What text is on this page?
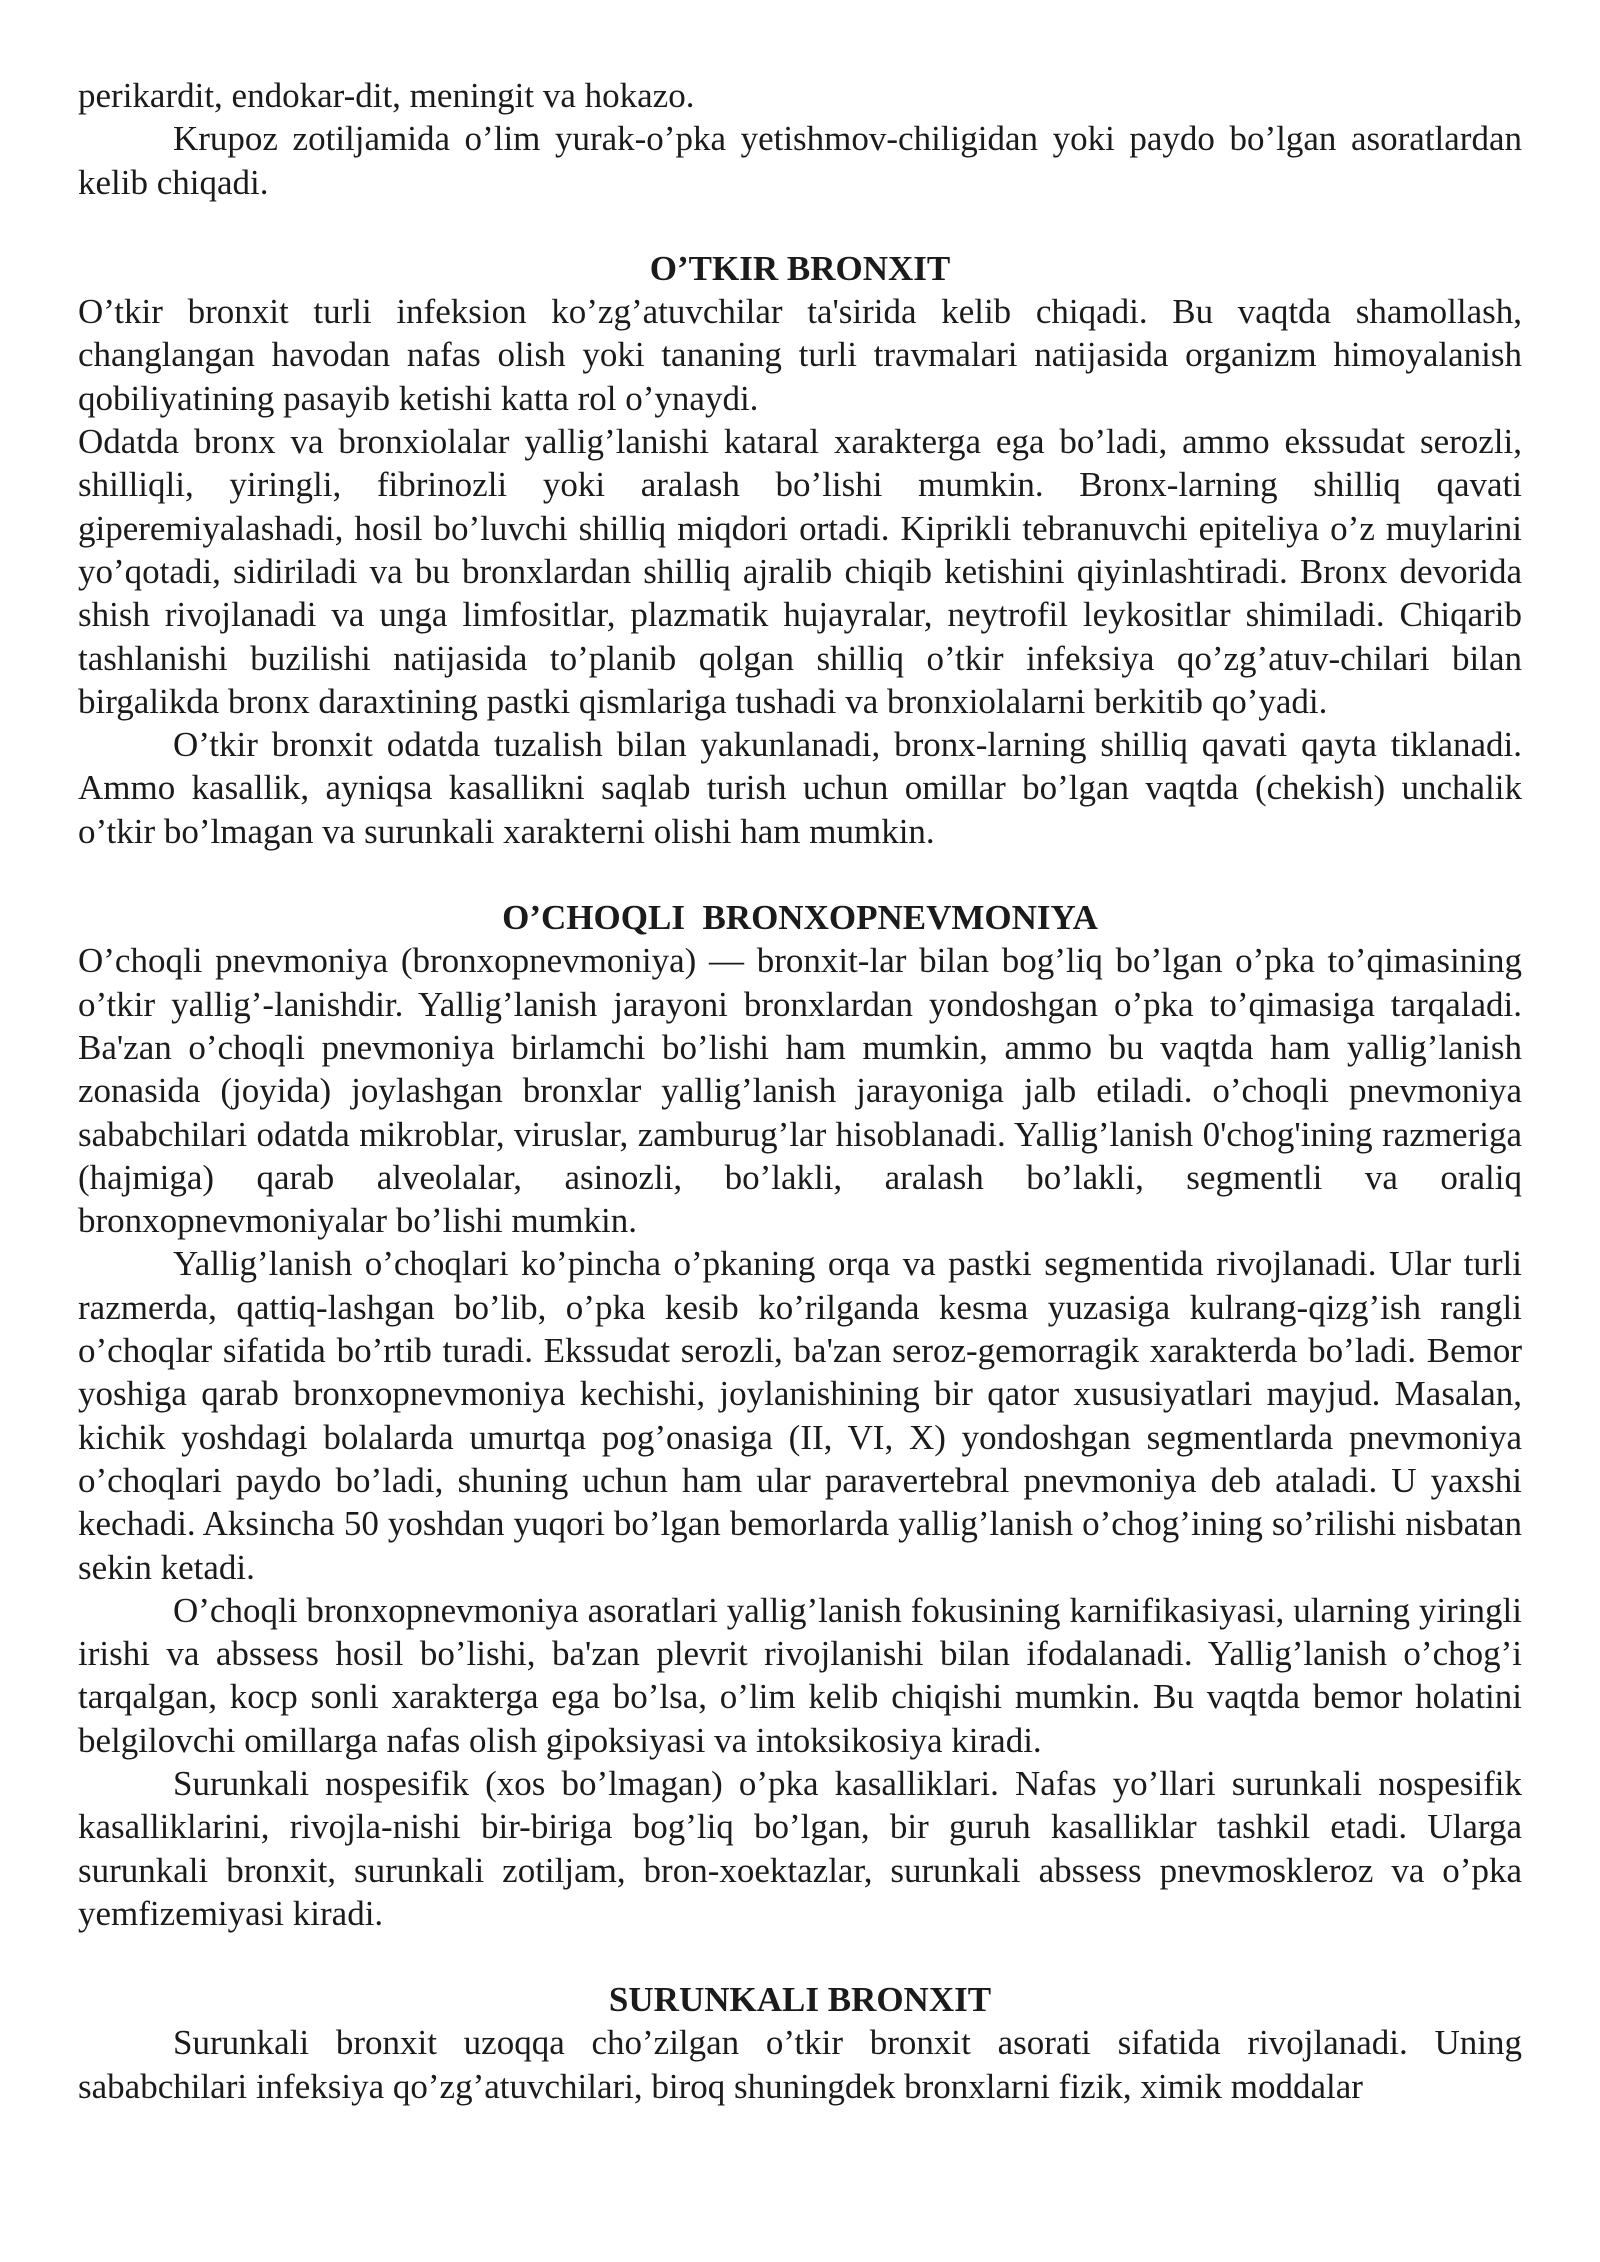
perikardit, endokar-dit, meningit va hokazo.

Krupoz zotiljamida o’lim yurak-o’pka yetishmov-chiligidan yoki paydo bo’lgan asoratlardan kelib chiqadi.

O’TKIR BRONXIT

O’tkir bronxit turli infeksion ko’zg’atuvchilar ta'sirida kelib chiqadi. Bu vaqtda shamollash, changlangan havodan nafas olish yoki tananing turli travmalari natijasida organizm himoyalanish qobiliyatining pasayib ketishi katta rol o’ynaydi.

Odatda bronx va bronxiolalar yallig’lanishi kataral xarakterga ega bo’ladi, ammo ekssudat serozli, shilliqli, yiringli, fibrinozli yoki aralash bo’lishi mumkin. Bronx-larning shilliq qavati giperemiyalashadi, hosil bo’luvchi shilliq miqdori ortadi. Kiprikli tebranuvchi epiteliya o’z muylarini yo’qotadi, sidiriladi va bu bronxlardan shilliq ajralib chiqib ketishini qiyinlashtiradi. Bronx devorida shish rivojlanadi va unga limfositlar, plazmatik hujayralar, neytrofil leykositlar shimiladi. Chiqarib tashlanishi buzilishi natijasida to’planib qolgan shilliq o’tkir infeksiya qo’zg’atuv-chilari bilan birgalikda bronx daraxtining pastki qismlariga tushadi va bronxiolalarni berkitib qo’yadi.

O’tkir bronxit odatda tuzalish bilan yakunlanadi, bronx-larning shilliq qavati qayta tiklanadi. Ammo kasallik, ayniqsa kasallikni saqlab turish uchun omillar bo’lgan vaqtda (chekish) unchalik o’tkir bo’lmagan va surunkali xarakterni olishi ham mumkin.

O’CHOQLI  BRONXOPNEVMONIYA

O’choqli pnevmoniya (bronxopnevmoniya) — bronxit-lar bilan bog’liq bo’lgan o’pka to’qimasining o’tkir yallig’-lanishdir. Yallig’lanish jarayoni bronxlardan yondoshgan o’pka to’qimasiga tarqaladi. Ba'zan o’choqli pnevmoniya birlamchi bo’lishi ham mumkin, ammo bu vaqtda ham yallig’lanish zonasida (joyida) joylashgan bronxlar yallig’lanish jarayoniga jalb etiladi. o’choqli pnevmoniya sababchilari odatda mikroblar, viruslar, zamburug’lar hisoblanadi. Yallig’lanish 0'chog'ining razmeriga (hajmiga) qarab alveolalar, asinozli, bo’lakli, aralash bo’lakli, segmentli va oraliq bronxopnevmoniyalar bo’lishi mumkin.

Yallig’lanish o’choqlari ko’pincha o’pkaning orqa va pastki segmentida rivojlanadi. Ular turli razmerda, qattiq-lashgan bo’lib, o’pka kesib ko’rilganda kesma yuzasiga kulrang-qizg’ish rangli o’choqlar sifatida bo’rtib turadi. Ekssudat serozli, ba'zan seroz-gemorragik xarakterda bo’ladi. Bemor yoshiga qarab bronxopnevmoniya kechishi, joylanishining bir qator xususiyatlari mayjud. Masalan, kichik yoshdagi bolalarda umurtqa pog’onasiga (II, VI, X) yondoshgan segmentlarda pnevmoniya o’choqlari paydo bo’ladi, shuning uchun ham ular paravertebral pnevmoniya deb ataladi. U yaxshi kechadi. Aksincha 50 yoshdan yuqori bo’lgan bemorlarda yallig’lanish o’chog’ining so’rilishi nisbatan sekin ketadi.

O’choqli bronxopnevmoniya asoratlari yallig’lanish fokusining karnifikasiyasi, ularning yiringli irishi va abssess hosil bo’lishi, ba'zan plevrit rivojlanishi bilan ifodalanadi. Yallig’lanish o’chog’i tarqalgan, kocp sonli xarakterga ega bo’lsa, o’lim kelib chiqishi mumkin. Bu vaqtda bemor holatini belgilovchi omillarga nafas olish gipoksiyasi va intoksikosiya kiradi.

Surunkali nospesifik (xos bo’lmagan) o’pka kasalliklari. Nafas yo’llari surunkali nospesifik kasalliklarini, rivojla-nishi bir-biriga bog’liq bo’lgan, bir guruh kasalliklar tashkil etadi. Ularga surunkali bronxit, surunkali zotiljam, bron-xoektazlar, surunkali abssess pnevmoskleroz va o’pka yemfizemiyasi kiradi.

SURUNKALI BRONXIT

Surunkali bronxit uzoqqa cho’zilgan o’tkir bronxit asorati sifatida rivojlanadi. Uning sababchilari infeksiya qo’zg’atuvchilari, biroq shuningdek bronxlarni fizik, ximik moddalar
